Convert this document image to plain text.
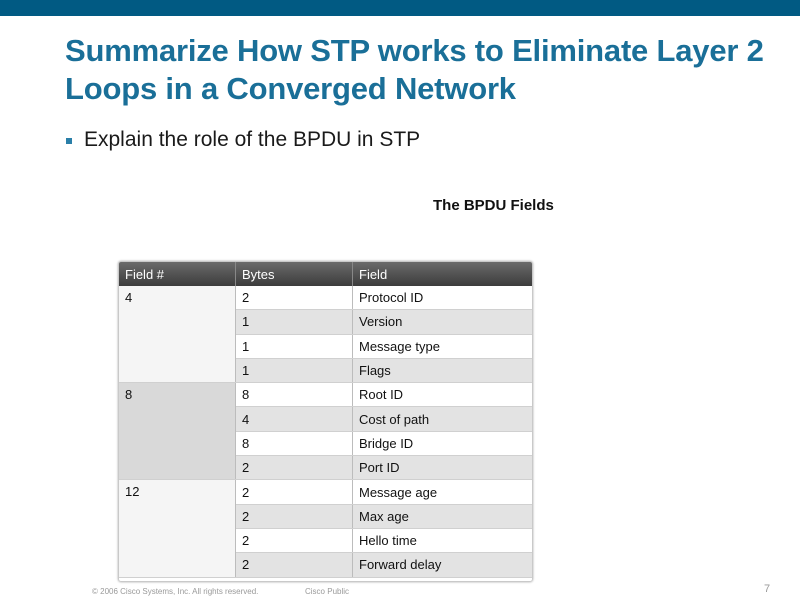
Summarize How STP works to Eliminate Layer 2 Loops in a Converged Network
Explain the role of the BPDU in STP
The BPDU Fields
Field #	Bytes	Field
4	2	Protocol ID
	1	Version
	1	Message type
	1	Flags
8	8	Root ID
	4	Cost of path
	8	Bridge ID
	2	Port ID
12	2	Message age
	2	Max age
	2	Hello time
	2	Forward delay
© 2006 Cisco Systems, Inc. All rights reserved.	Cisco Public	7
